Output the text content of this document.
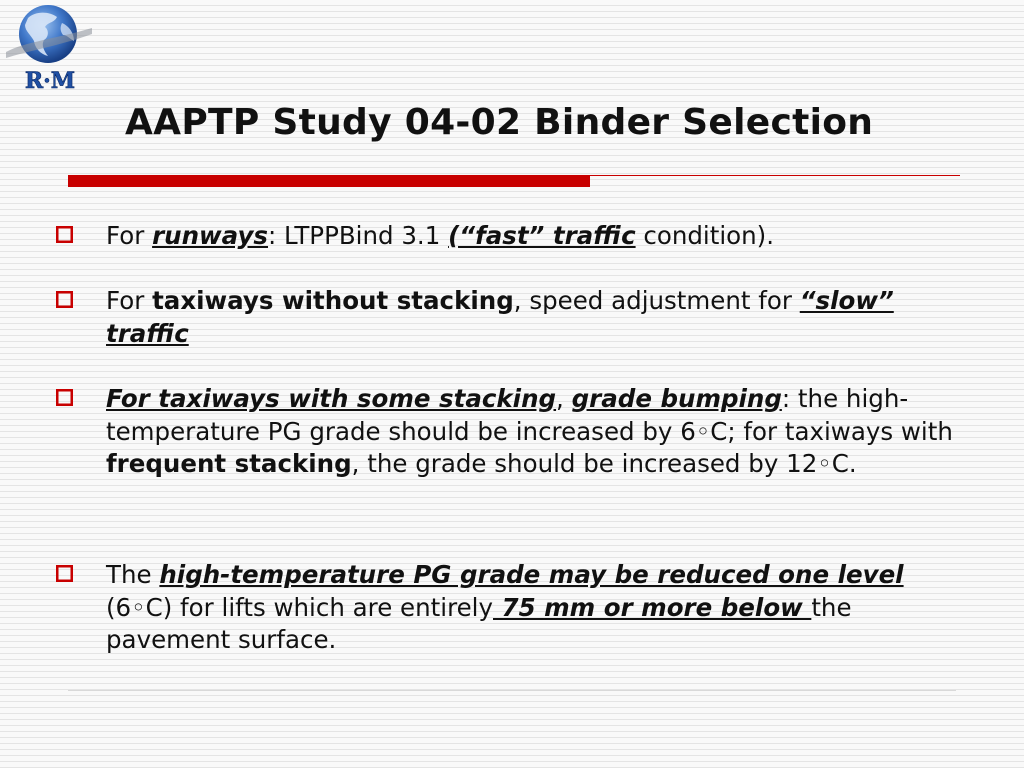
R·M
AAPTP Study 04-02 Binder Selection
For runways: LTPPBind 3.1 (“fast” traffic condition).
For taxiways without stacking, speed adjustment for “slow” traffic
For taxiways with some stacking, grade bumping: the high-temperature PG grade should be increased by 6◦C; for taxiways with frequent stacking, the grade should be increased by 12◦C.
The high-temperature PG grade may be reduced one level (6◦C) for lifts which are entirely 75 mm or more below the pavement surface.
